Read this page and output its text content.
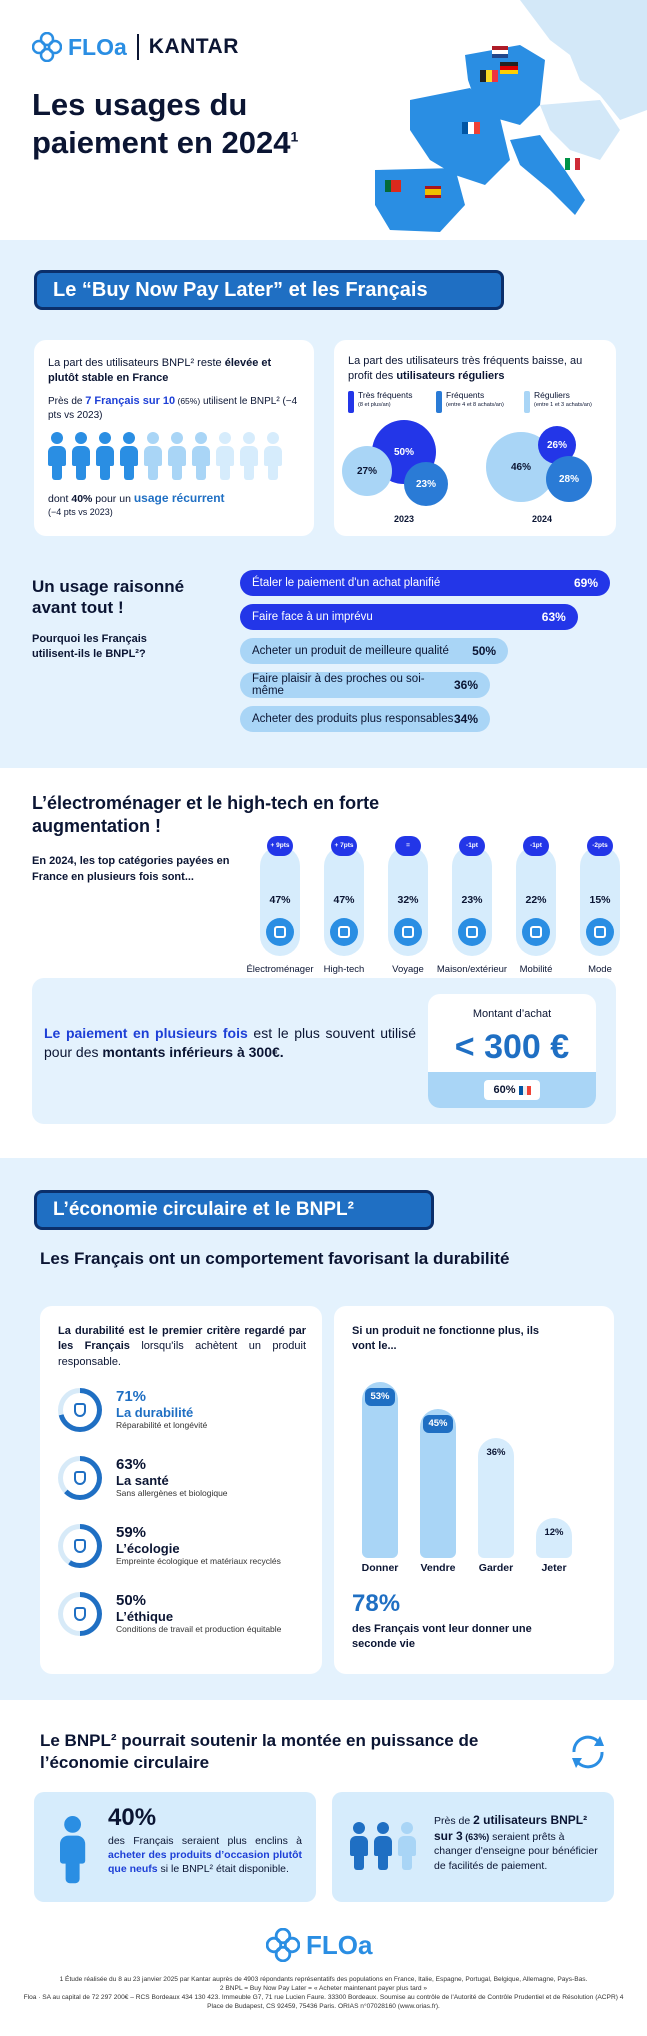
FLOa KANTAR
Les usages du
paiement en 2024$^1$
Le “Buy Now Pay Later” et les Français
La part des utilisateurs BNPL² reste élevée et plutôt stable en France
Près de 7 Français sur 10 (65%) utilisent le BNPL² (−4 pts vs 2023)
dont 40% pour un usage récurrent
(−4 pts vs 2023)
La part des utilisateurs très fréquents baisse, au profit des utilisateurs réguliers
Très fréquents
(8 et plus/an)
Fréquents
(entre 4 et 8 achats/an)
Réguliers
(entre 1 et 3 achats/an)
50%
27%
23%
2023
46%
26%
28%
2024
Un usage raisonné avant tout !
Pourquoi les Français utilisent-ils le BNPL²?
Étaler le paiement d'un achat planifié	69%
Faire face à un imprévu	63%
Acheter un produit de meilleure qualité 50%
Faire plaisir à des proches ou soi-même	36%
Acheter des produits plus responsables 34%
L’électroménager et le high-tech en forte augmentation !
En 2024, les top catégories payées en France en plusieurs fois sont...
+ 9pts
47%
Électroménager
+ 7pts
47%
High-tech
=
32%
Voyage
-1pt
23%
Maison/extérieur
-1pt
22%
Mobilité
-2pts
15%
Mode
Le paiement en plusieurs fois est le plus souvent utilisé pour des montants inférieurs à 300€.
Montant d’achat
< 300 €
60%
L’économie circulaire et le BNPL²
Les Français ont un comportement favorisant la durabilité
La durabilité est le premier critère regardé par les Français lorsqu'ils achètent un produit responsable.
71%
La durabilité
Réparabilité et longévité
63%
La santé
Sans allergènes et biologique
59%
L’écologie
Empreinte écologique et matériaux recyclés
50%
L’éthique
Conditions de travail et production équitable
Si un produit ne fonctionne plus, ils vont le...
53%
45%
36%
12%
Donner	Vendre	Garder	Jeter
78%
des Français vont leur donner une seconde vie
Le BNPL² pourrait soutenir la montée en puissance de l’économie circulaire
40%
des Français seraient plus enclins à acheter des produits d’occasion plutôt que neufs si le BNPL² était disponible.
Près de 2 utilisateurs BNPL² sur 3 (63%) seraient prêts à changer d'enseigne pour bénéficier de facilités de paiement.
FLOa
1 Étude réalisée du 8 au 23 janvier 2025 par Kantar auprès de 4903 répondants représentatifs des populations en France, Italie, Espagne, Portugal, Belgique, Allemagne, Pays-Bas.
2 BNPL = Buy Now Pay Later = « Acheter maintenant payer plus tard »
Floa · SA au capital de 72 297 200€ – RCS Bordeaux 434 130 423. Immeuble G7, 71 rue Lucien Faure. 33300 Bordeaux. Soumise au contrôle de l'Autorité de Contrôle Prudentiel et de Résolution (ACPR) 4 Place de Budapest, CS 92459, 75436 Paris. ORIAS n°07028160 (www.orias.fr).
